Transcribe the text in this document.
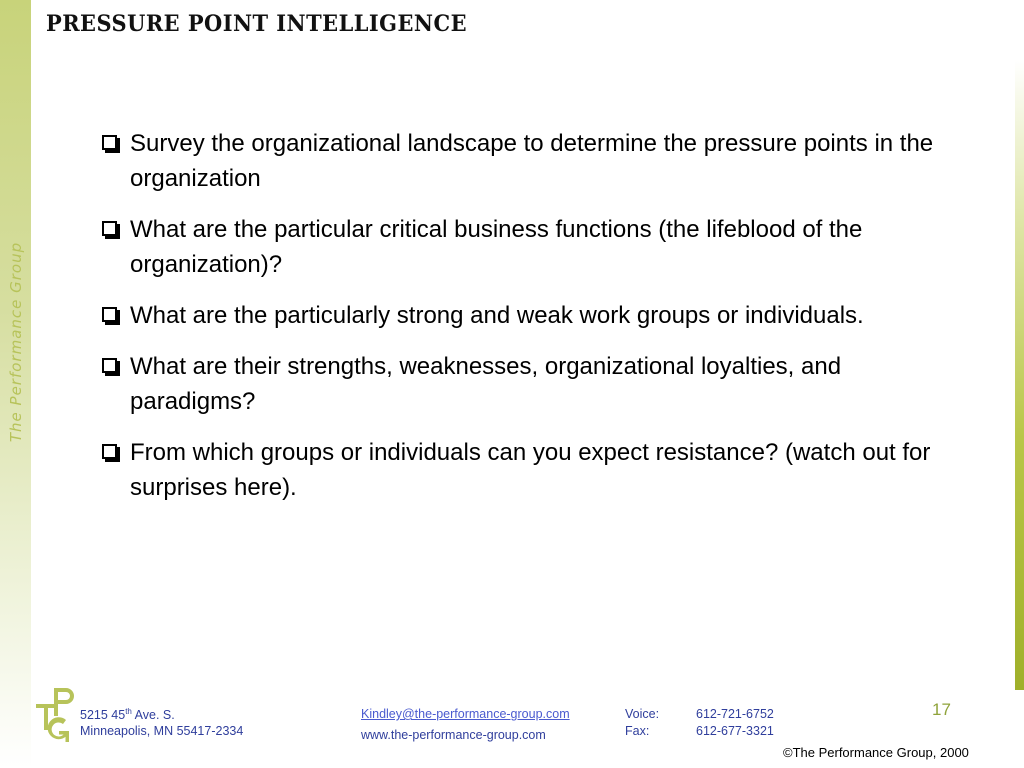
The Performance Group
PRESSURE POINT INTELLIGENCE
Survey the organizational landscape to determine the pressure points in the organization
What are the particular critical business functions (the lifeblood of the organization)?
What are the particularly strong and weak work groups or individuals.
What are their strengths, weaknesses, organizational loyalties, and paradigms?
From which groups or individuals can you expect resistance? (watch out for surprises here).
5215 45th Ave. S.
Minneapolis, MN 55417-2334
Kindley@the-performance-group.com
www.the-performance-group.com
Voice:	612-721-6752
Fax:	612-677-3321
17
©The Performance Group, 2000
